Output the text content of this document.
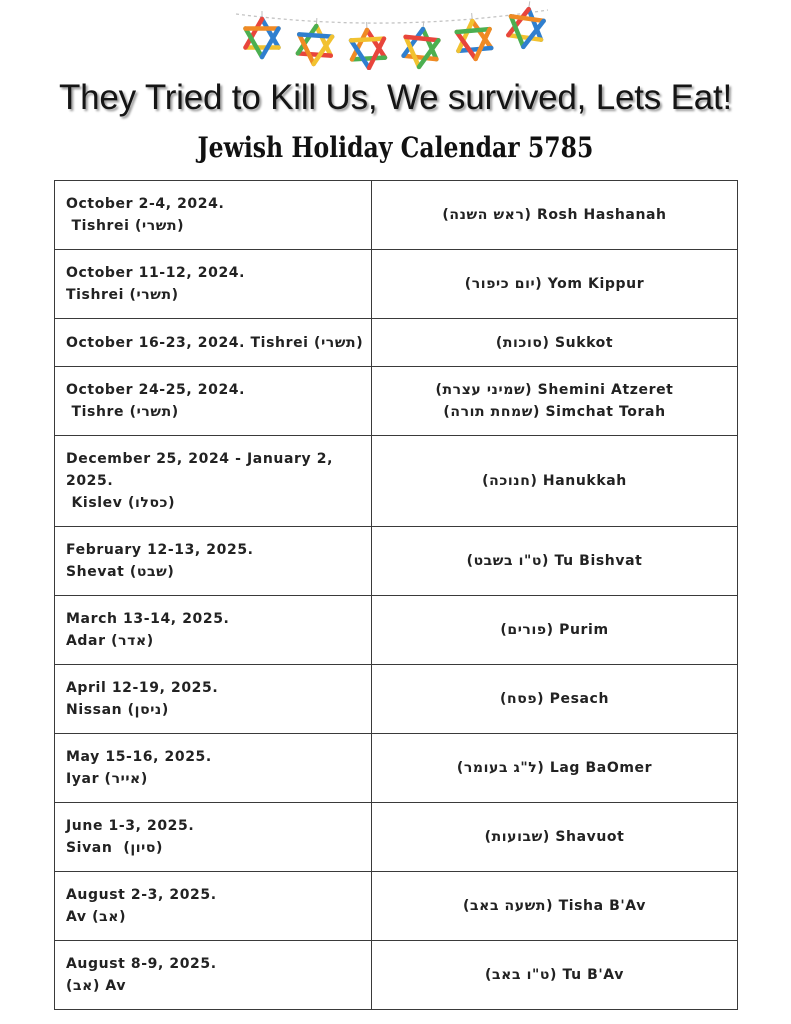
They Tried to Kill Us, We survived, Lets Eat!
Jewish Holiday Calendar 5785
October 2-4, 2024.
Tishrei (תשרי)	(ראש השנה) Rosh Hashanah

October 11-12, 2024.
Tishrei (תשרי)	(יום כיפור) Yom Kippur

October 16-23, 2024. Tishrei (תשרי)	(סוכות) Sukkot

October 24-25, 2024.
Tishre (תשרי)	(שמיני עצרת) Shemini Atzeret
(שמחת תורה) Simchat Torah

December 25, 2024 - January 2, 2025.
Kislev (כסלו)	(חנוכה) Hanukkah

February 12-13, 2025.
Shevat (שבט)	(ט"ו בשבט) Tu Bishvat

March 13-14, 2025.
Adar (אדר)	(פורים) Purim

April 12-19, 2025.
Nissan (ניסן)	(פסח) Pesach

May 15-16, 2025.
Iyar (אייר)	(ל"ג בעומר) Lag BaOmer

June 1-3, 2025.
Sivan  (סיון)	(שבועות) Shavuot

August 2-3, 2025.
Av (אב)	(תשעה באב) Tisha B'Av

August 8-9, 2025.
(אב) Av	(ט"ו באב) Tu B'Av
